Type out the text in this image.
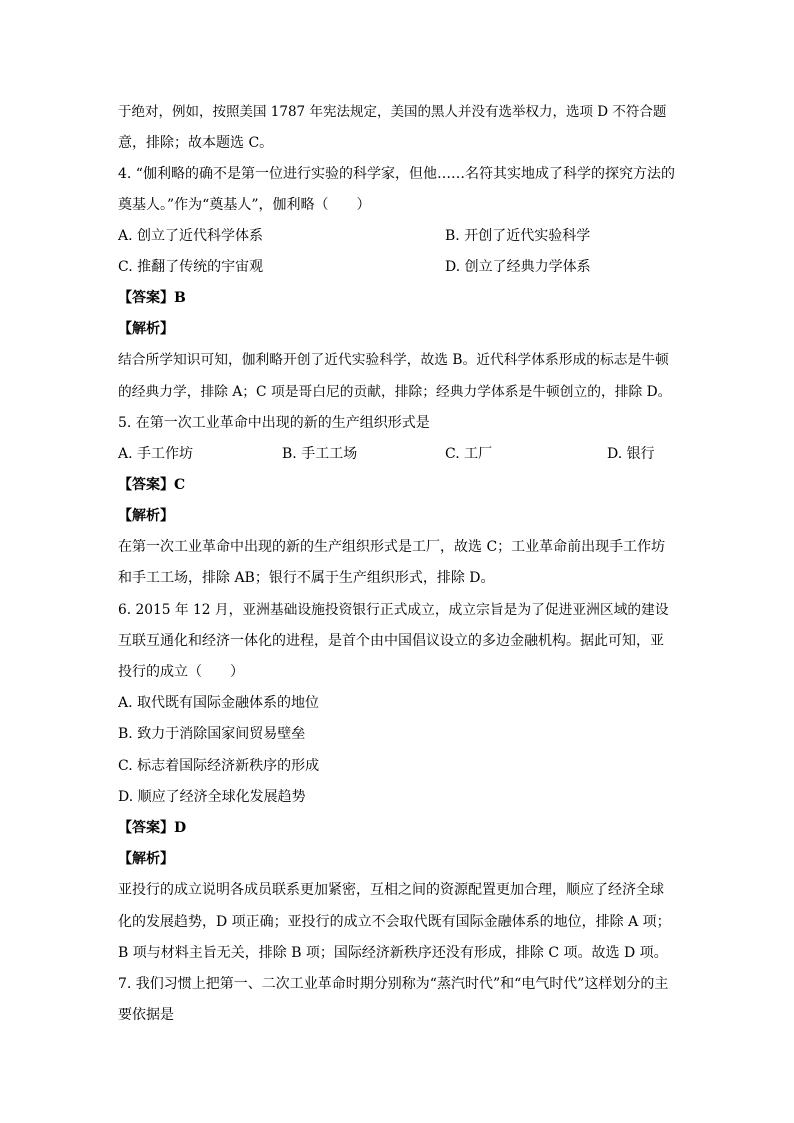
于绝对，例如，按照美国 1787 年宪法规定，美国的黑人并没有选举权力，选项 D 不符合题
意，排除；故本题选 C。
4. “伽利略的确不是第一位进行实验的科学家，但他……名符其实地成了科学的探究方法的
奠基人。”作为“奠基人”，伽利略（　　）
A. 创立了近代科学体系	B. 开创了近代实验科学
C. 推翻了传统的宇宙观	D. 创立了经典力学体系
【答案】B
【解析】
结合所学知识可知，伽利略开创了近代实验科学，故选 B。近代科学体系形成的标志是牛顿
的经典力学，排除 A；C 项是哥白尼的贡献，排除；经典力学体系是牛顿创立的，排除 D。
5. 在第一次工业革命中出现的新的生产组织形式是
A. 手工作坊	B. 手工工场	C. 工厂	D. 银行
【答案】C
【解析】
在第一次工业革命中出现的新的生产组织形式是工厂，故选 C；工业革命前出现手工作坊
和手工工场，排除 AB；银行不属于生产组织形式，排除 D。
6. 2015 年 12 月，亚洲基础设施投资银行正式成立，成立宗旨是为了促进亚洲区域的建设
互联互通化和经济一体化的进程，是首个由中国倡议设立的多边金融机构。据此可知，亚
投行的成立（　　）
A. 取代既有国际金融体系的地位
B. 致力于消除国家间贸易壁垒
C. 标志着国际经济新秩序的形成
D. 顺应了经济全球化发展趋势
【答案】D
【解析】
亚投行的成立说明各成员联系更加紧密，互相之间的资源配置更加合理，顺应了经济全球
化的发展趋势，D 项正确；亚投行的成立不会取代既有国际金融体系的地位，排除 A 项；
B 项与材料主旨无关，排除 B 项；国际经济新秩序还没有形成，排除 C 项。故选 D 项。
7. 我们习惯上把第一、二次工业革命时期分别称为“蒸汽时代”和“电气时代”这样划分的主
要依据是
